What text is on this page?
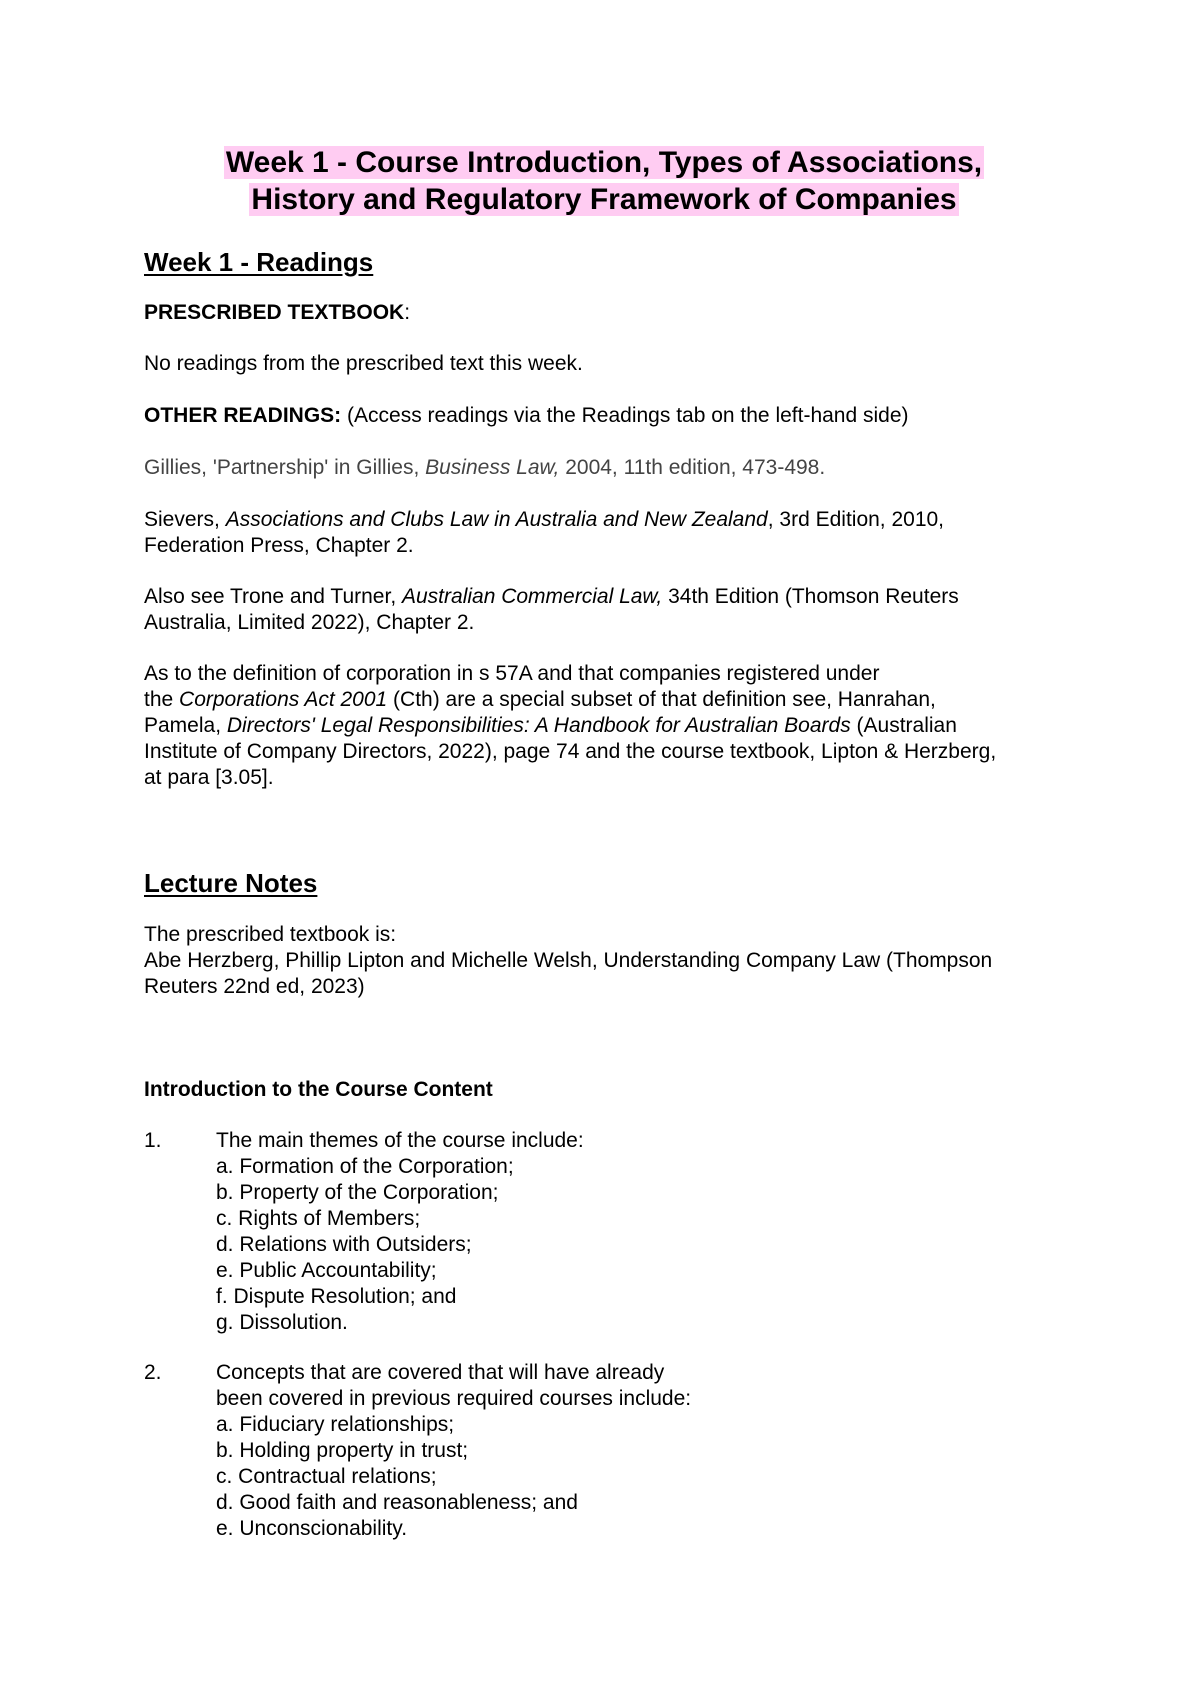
Week 1 - Course Introduction, Types of Associations,
History and Regulatory Framework of Companies
Week 1 - Readings

PRESCRIBED TEXTBOOK:

No readings from the prescribed text this week.

OTHER READINGS: (Access readings via the Readings tab on the left-hand side)

Gillies, 'Partnership' in Gillies, Business Law, 2004, 11th edition, 473-498.

Sievers, Associations and Clubs Law in Australia and New Zealand, 3rd Edition, 2010,
Federation Press, Chapter 2.

Also see Trone and Turner, Australian Commercial Law, 34th Edition (Thomson Reuters
Australia, Limited 2022), Chapter 2.

As to the definition of corporation in s 57A and that companies registered under
the Corporations Act 2001 (Cth) are a special subset of that definition see, Hanrahan,
Pamela, Directors' Legal Responsibilities: A Handbook for Australian Boards (Australian
Institute of Company Directors, 2022), page 74 and the course textbook, Lipton & Herzberg,
at para [3.05].

Lecture Notes

The prescribed textbook is:
Abe Herzberg, Phillip Lipton and Michelle Welsh, Understanding Company Law (Thompson
Reuters 22nd ed, 2023)

Introduction to the Course Content
1.	The main themes of the course include:
a. Formation of the Corporation;
b. Property of the Corporation;
c. Rights of Members;
d. Relations with Outsiders;
e. Public Accountability;
f. Dispute Resolution; and
g. Dissolution.
2.	Concepts that are covered that will have already
been covered in previous required courses include:
a. Fiduciary relationships;
b. Holding property in trust;
c. Contractual relations;
d. Good faith and reasonableness; and
e. Unconscionability.
